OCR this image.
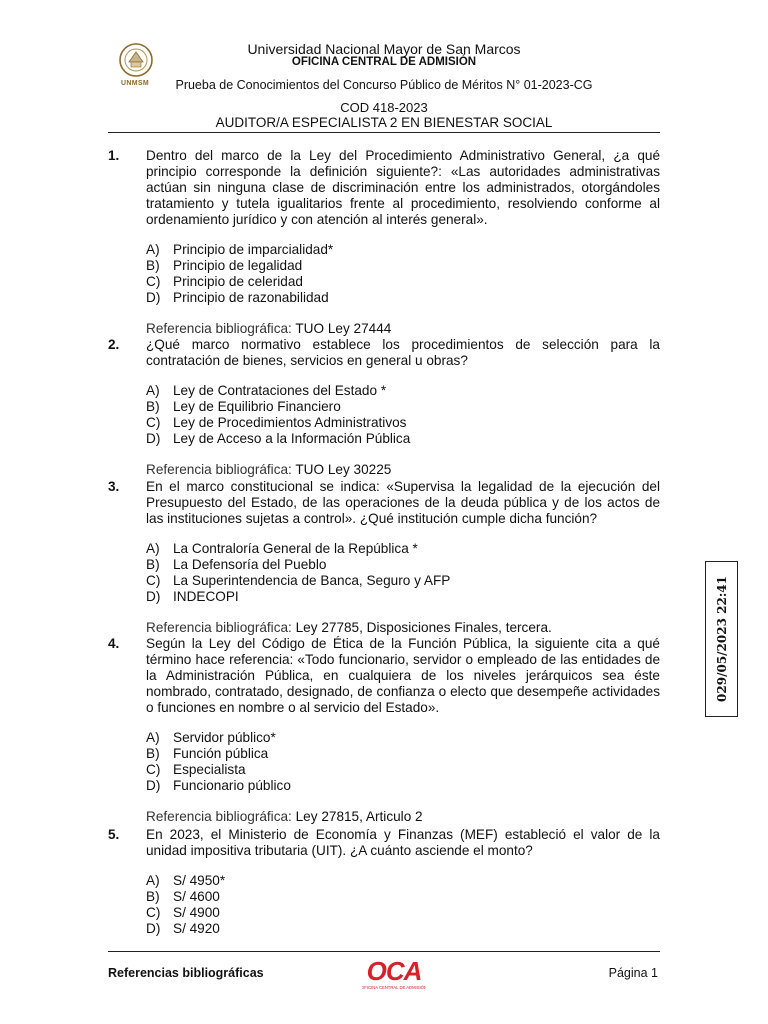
UNMSM
Universidad Nacional Mayor de San Marcos
OFICINA CENTRAL DE ADMISIÓN
Prueba de Conocimientos del Concurso Público de Méritos N° 01-2023-CG
COD 418-2023
AUDITOR/A ESPECIALISTA 2 EN BIENESTAR SOCIAL
1. Dentro del marco de la Ley del Procedimiento Administrativo General, ¿a qué principio corresponde la definición siguiente?: «Las autoridades administrativas actúan sin ninguna clase de discriminación entre los administrados, otorgándoles tratamiento y tutela igualitarios frente al procedimiento, resolviendo conforme al ordenamiento jurídico y con atención al interés general».
A) Principio de imparcialidad*
B) Principio de legalidad
C) Principio de celeridad
D) Principio de razonabilidad
Referencia bibliográfica: TUO Ley 27444
2. ¿Qué marco normativo establece los procedimientos de selección para la contratación de bienes, servicios en general u obras?
A) Ley de Contrataciones del Estado *
B) Ley de Equilibrio Financiero
C) Ley de Procedimientos Administrativos
D) Ley de Acceso a la Información Pública
Referencia bibliográfica: TUO Ley 30225
3. En el marco constitucional se indica: «Supervisa la legalidad de la ejecución del Presupuesto del Estado, de las operaciones de la deuda pública y de los actos de las instituciones sujetas a control». ¿Qué institución cumple dicha función?
A) La Contraloría General de la República *
B) La Defensoría del Pueblo
C) La Superintendencia de Banca, Seguro y AFP
D) INDECOPI
Referencia bibliográfica: Ley 27785, Disposiciones Finales, tercera.
4. Según la Ley del Código de Ética de la Función Pública, la siguiente cita a qué término hace referencia: «Todo funcionario, servidor o empleado de las entidades de la Administración Pública, en cualquiera de los niveles jerárquicos sea éste nombrado, contratado, designado, de confianza o electo que desempeñe actividades o funciones en nombre o al servicio del Estado».
A) Servidor público*
B) Función pública
C) Especialista
D) Funcionario público
Referencia bibliográfica: Ley 27815, Articulo 2
5. En 2023, el Ministerio de Economía y Finanzas (MEF) estableció el valor de la unidad impositiva tributaria (UIT). ¿A cuánto asciende el monto?
A) S/ 4950*
B) S/ 4600
C) S/ 4900
D) S/ 4920
029/05/2023 22:41
Referencias bibliográficas	OCA
OFICINA CENTRAL DE ADMISIÓN
Página 1
